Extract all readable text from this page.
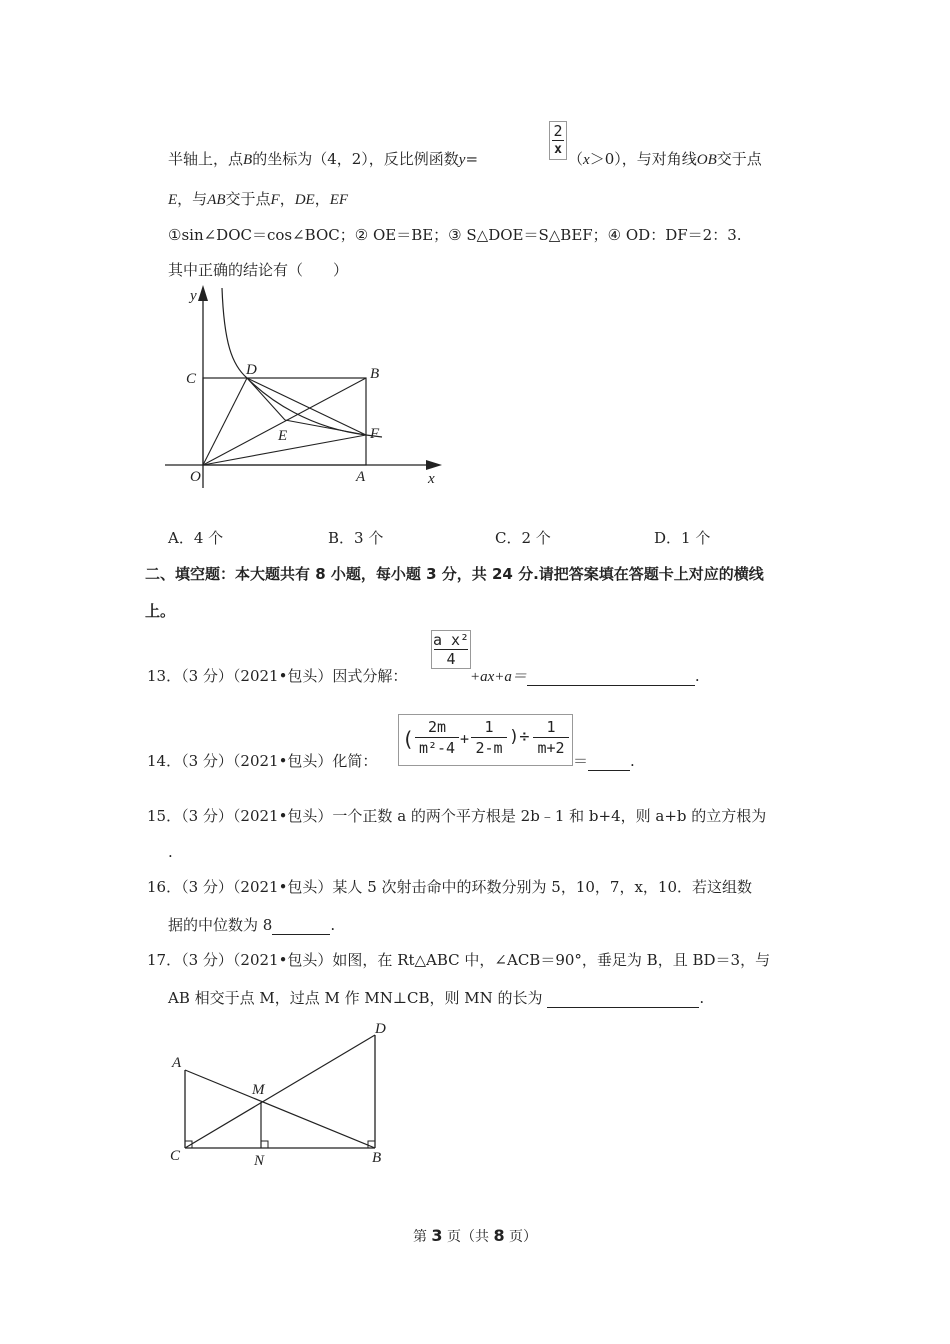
半轴上，点B的坐标为（4，2），反比例函数y=
2
x
（x＞0），与对角线OB交于点
E，与AB交于点F，DE，EF
①sin∠DOC＝cos∠BOC；② OE＝BE；③ S△DOE＝S△BEF；④ OD：DF＝2：3.
其中正确的结论有（　　）
y
C
D	B
E	F
O	A	x
A．4 个	B．3 个	C．2 个	D．1 个
二、填空题：本大题共有 8 小题，每小题 3 分，共 24 分.请把答案填在答题卡上对应的横线
上。
13．（3 分）（2021•包头）因式分解：
a x²
4
+ax+a＝	.
14．（3 分）（2021•包头）化简：
( 2m
m²-4 +
1
2-m
)÷	1
m+2
＝	.
15．（3 分）（2021•包头）一个正数 a 的两个平方根是 2b﹣1 和 b+4，则 a+b 的立方根为
.
16．（3 分）（2021•包头）某人 5 次射击命中的环数分别为 5，10，7，x，10．若这组数
据的中位数为 8	.
17．（3 分）（2021•包头）如图，在 Rt△ABC 中，∠ACB＝90°，垂足为 B，且 BD＝3，与
AB 相交于点 M，过点 M 作 MN⊥CB，则 MN 的长为	.
A
D
M
C	N	B
第 3 页（共 8 页）
